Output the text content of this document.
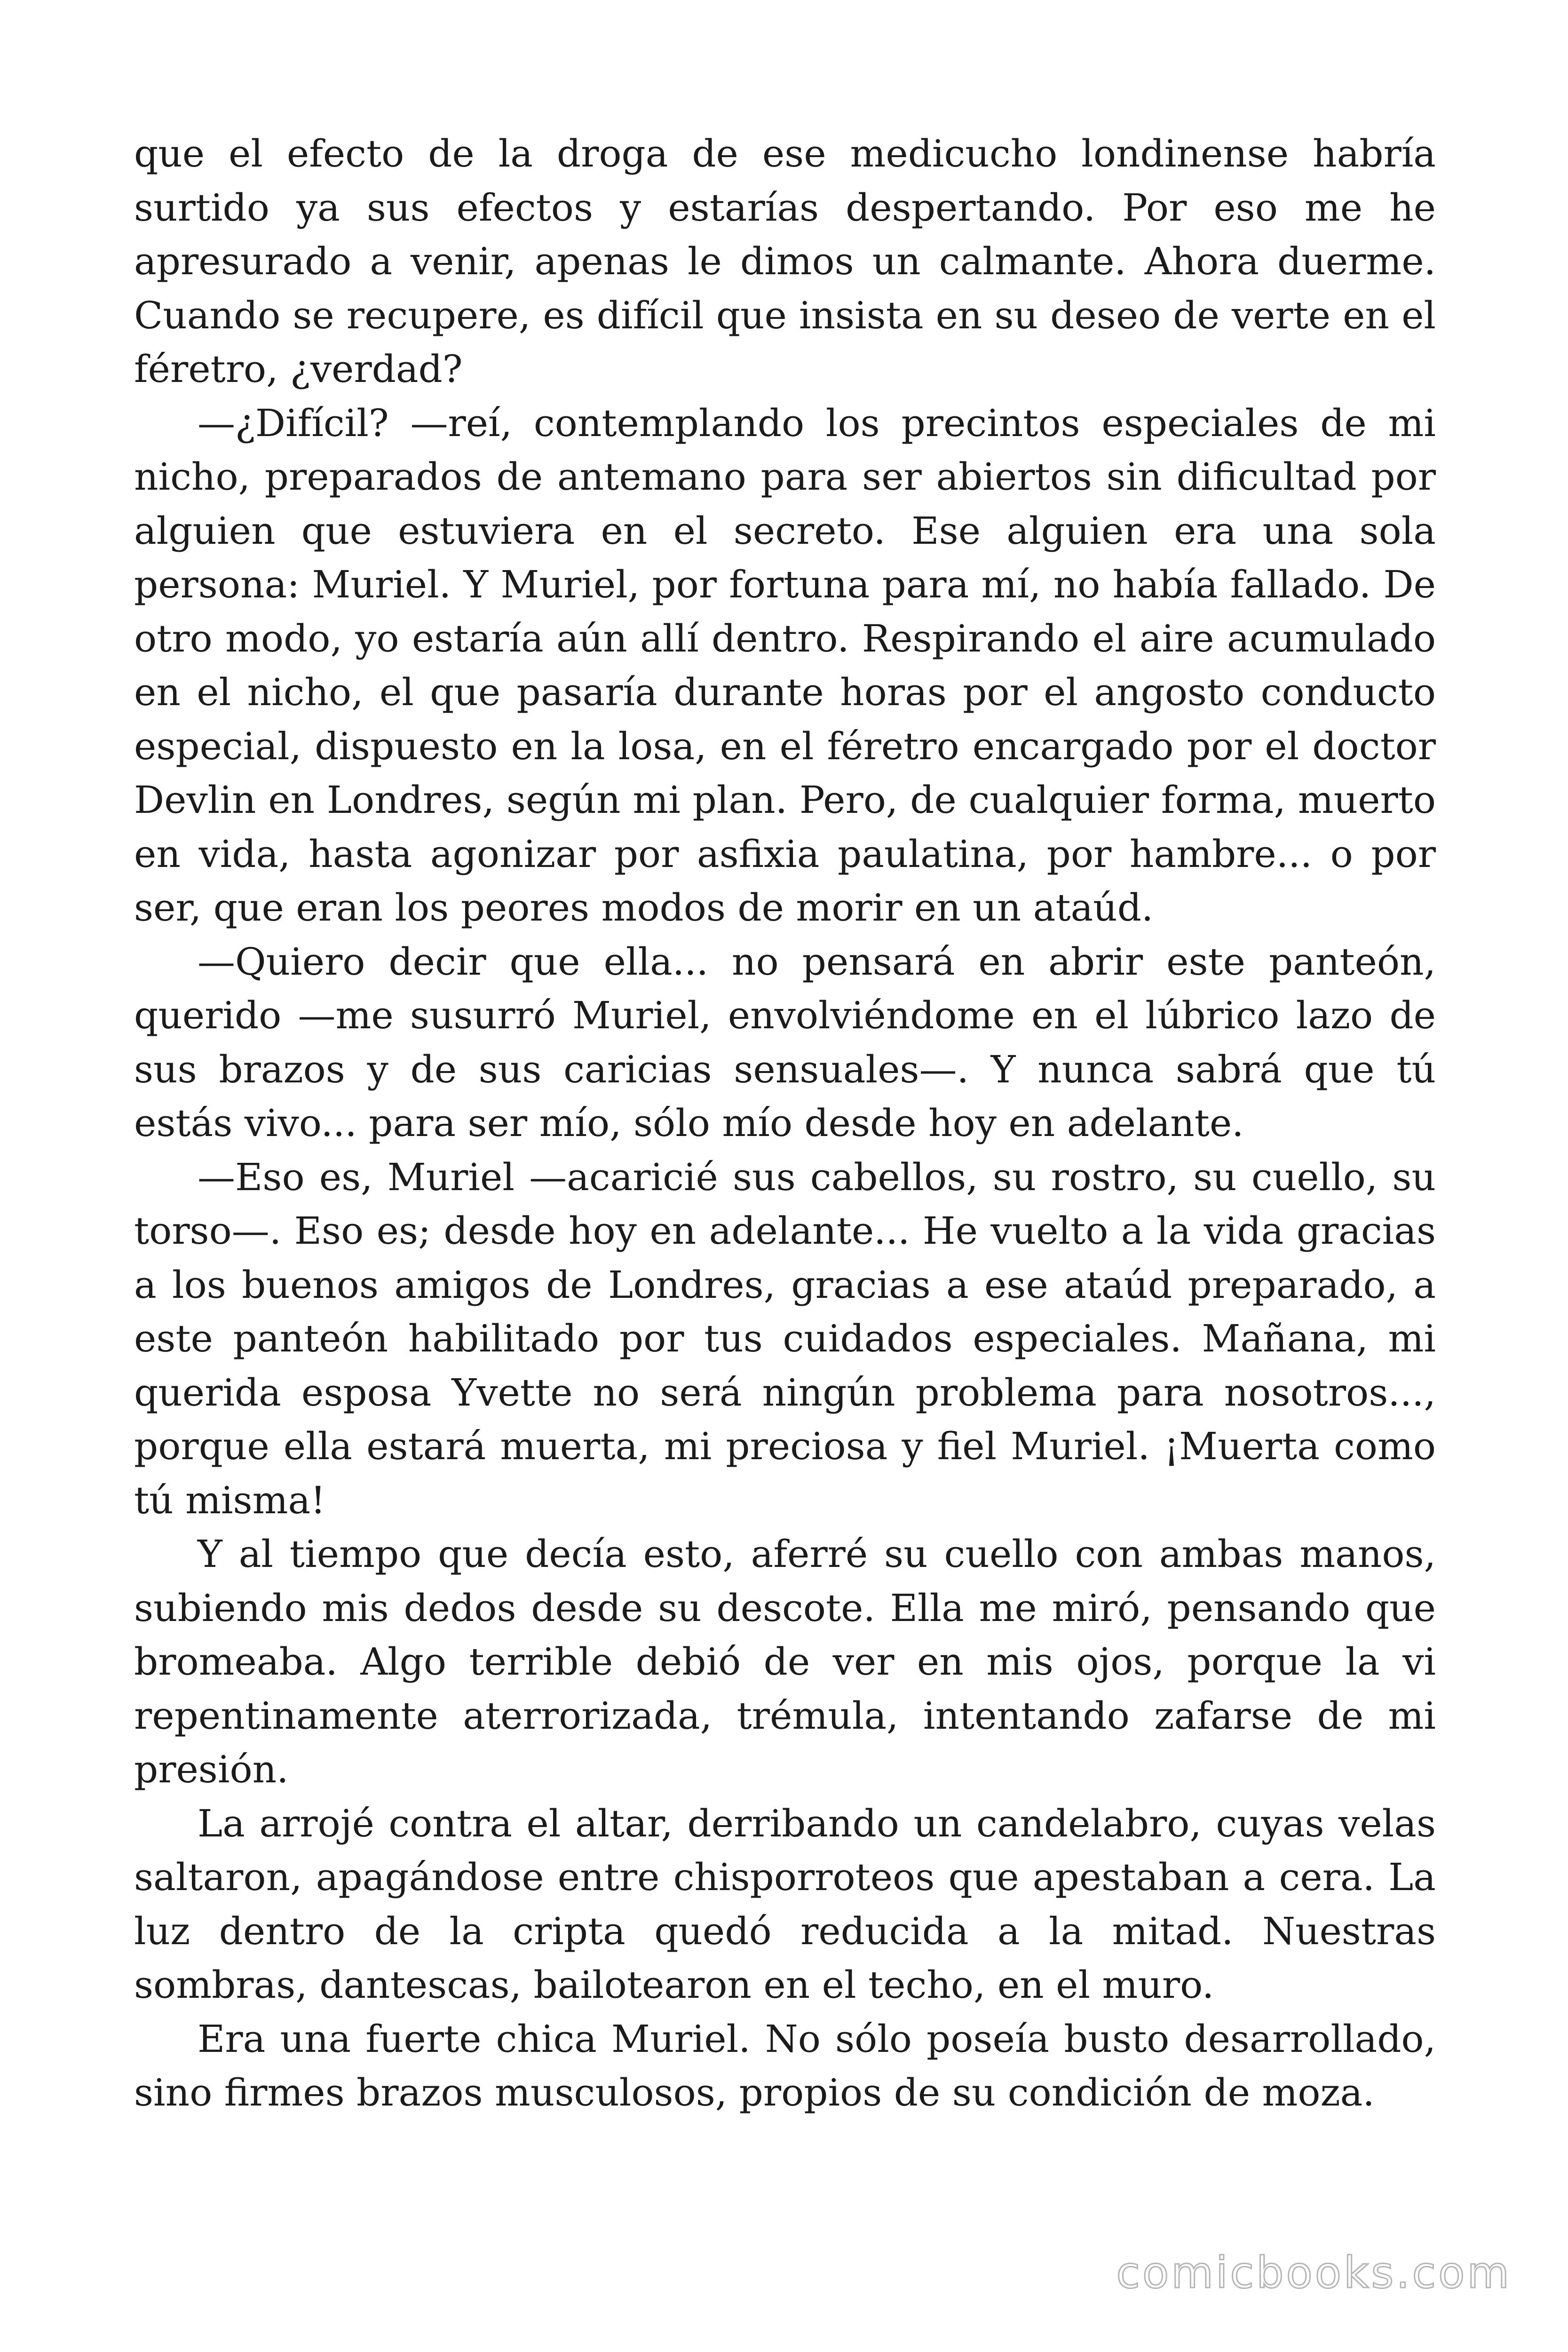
que el efecto de la droga de ese medicucho londinense habría surtido ya sus efectos y estarías despertando. Por eso me he apresurado a venir, apenas le dimos un calmante. Ahora duerme. Cuando se recupere, es difícil que insista en su deseo de verte en el féretro, ¿verdad?

—¿Difícil? —reí, contemplando los precintos especiales de mi nicho, preparados de antemano para ser abiertos sin dificultad por alguien que estuviera en el secreto. Ese alguien era una sola persona: Muriel. Y Muriel, por fortuna para mí, no había fallado. De otro modo, yo estaría aún allí dentro. Respirando el aire acumulado en el nicho, el que pasaría durante horas por el angosto conducto especial, dispuesto en la losa, en el féretro encargado por el doctor Devlin en Londres, según mi plan. Pero, de cualquier forma, muerto en vida, hasta agonizar por asfixia paulatina, por hambre... o por ser, que eran los peores modos de morir en un ataúd.

—Quiero decir que ella... no pensará en abrir este panteón, querido —me susurró Muriel, envolviéndome en el lúbrico lazo de sus brazos y de sus caricias sensuales—. Y nunca sabrá que tú estás vivo... para ser mío, sólo mío desde hoy en adelante.

—Eso es, Muriel —acaricié sus cabellos, su rostro, su cuello, su torso—. Eso es; desde hoy en adelante... He vuelto a la vida gracias a los buenos amigos de Londres, gracias a ese ataúd preparado, a este panteón habilitado por tus cuidados especiales. Mañana, mi querida esposa Yvette no será ningún problema para nosotros..., porque ella estará muerta, mi preciosa y fiel Muriel. ¡Muerta como tú misma!

Y al tiempo que decía esto, aferré su cuello con ambas manos, subiendo mis dedos desde su descote. Ella me miró, pensando que bromeaba. Algo terrible debió de ver en mis ojos, porque la vi repentinamente aterrorizada, trémula, intentando zafarse de mi presión.

La arrojé contra el altar, derribando un candelabro, cuyas velas saltaron, apagándose entre chisporroteos que apestaban a cera. La luz dentro de la cripta quedó reducida a la mitad. Nuestras sombras, dantescas, bailotearon en el techo, en el muro.

Era una fuerte chica Muriel. No sólo poseía busto desarrollado, sino firmes brazos musculosos, propios de su condición de moza.

comicbooks.com
